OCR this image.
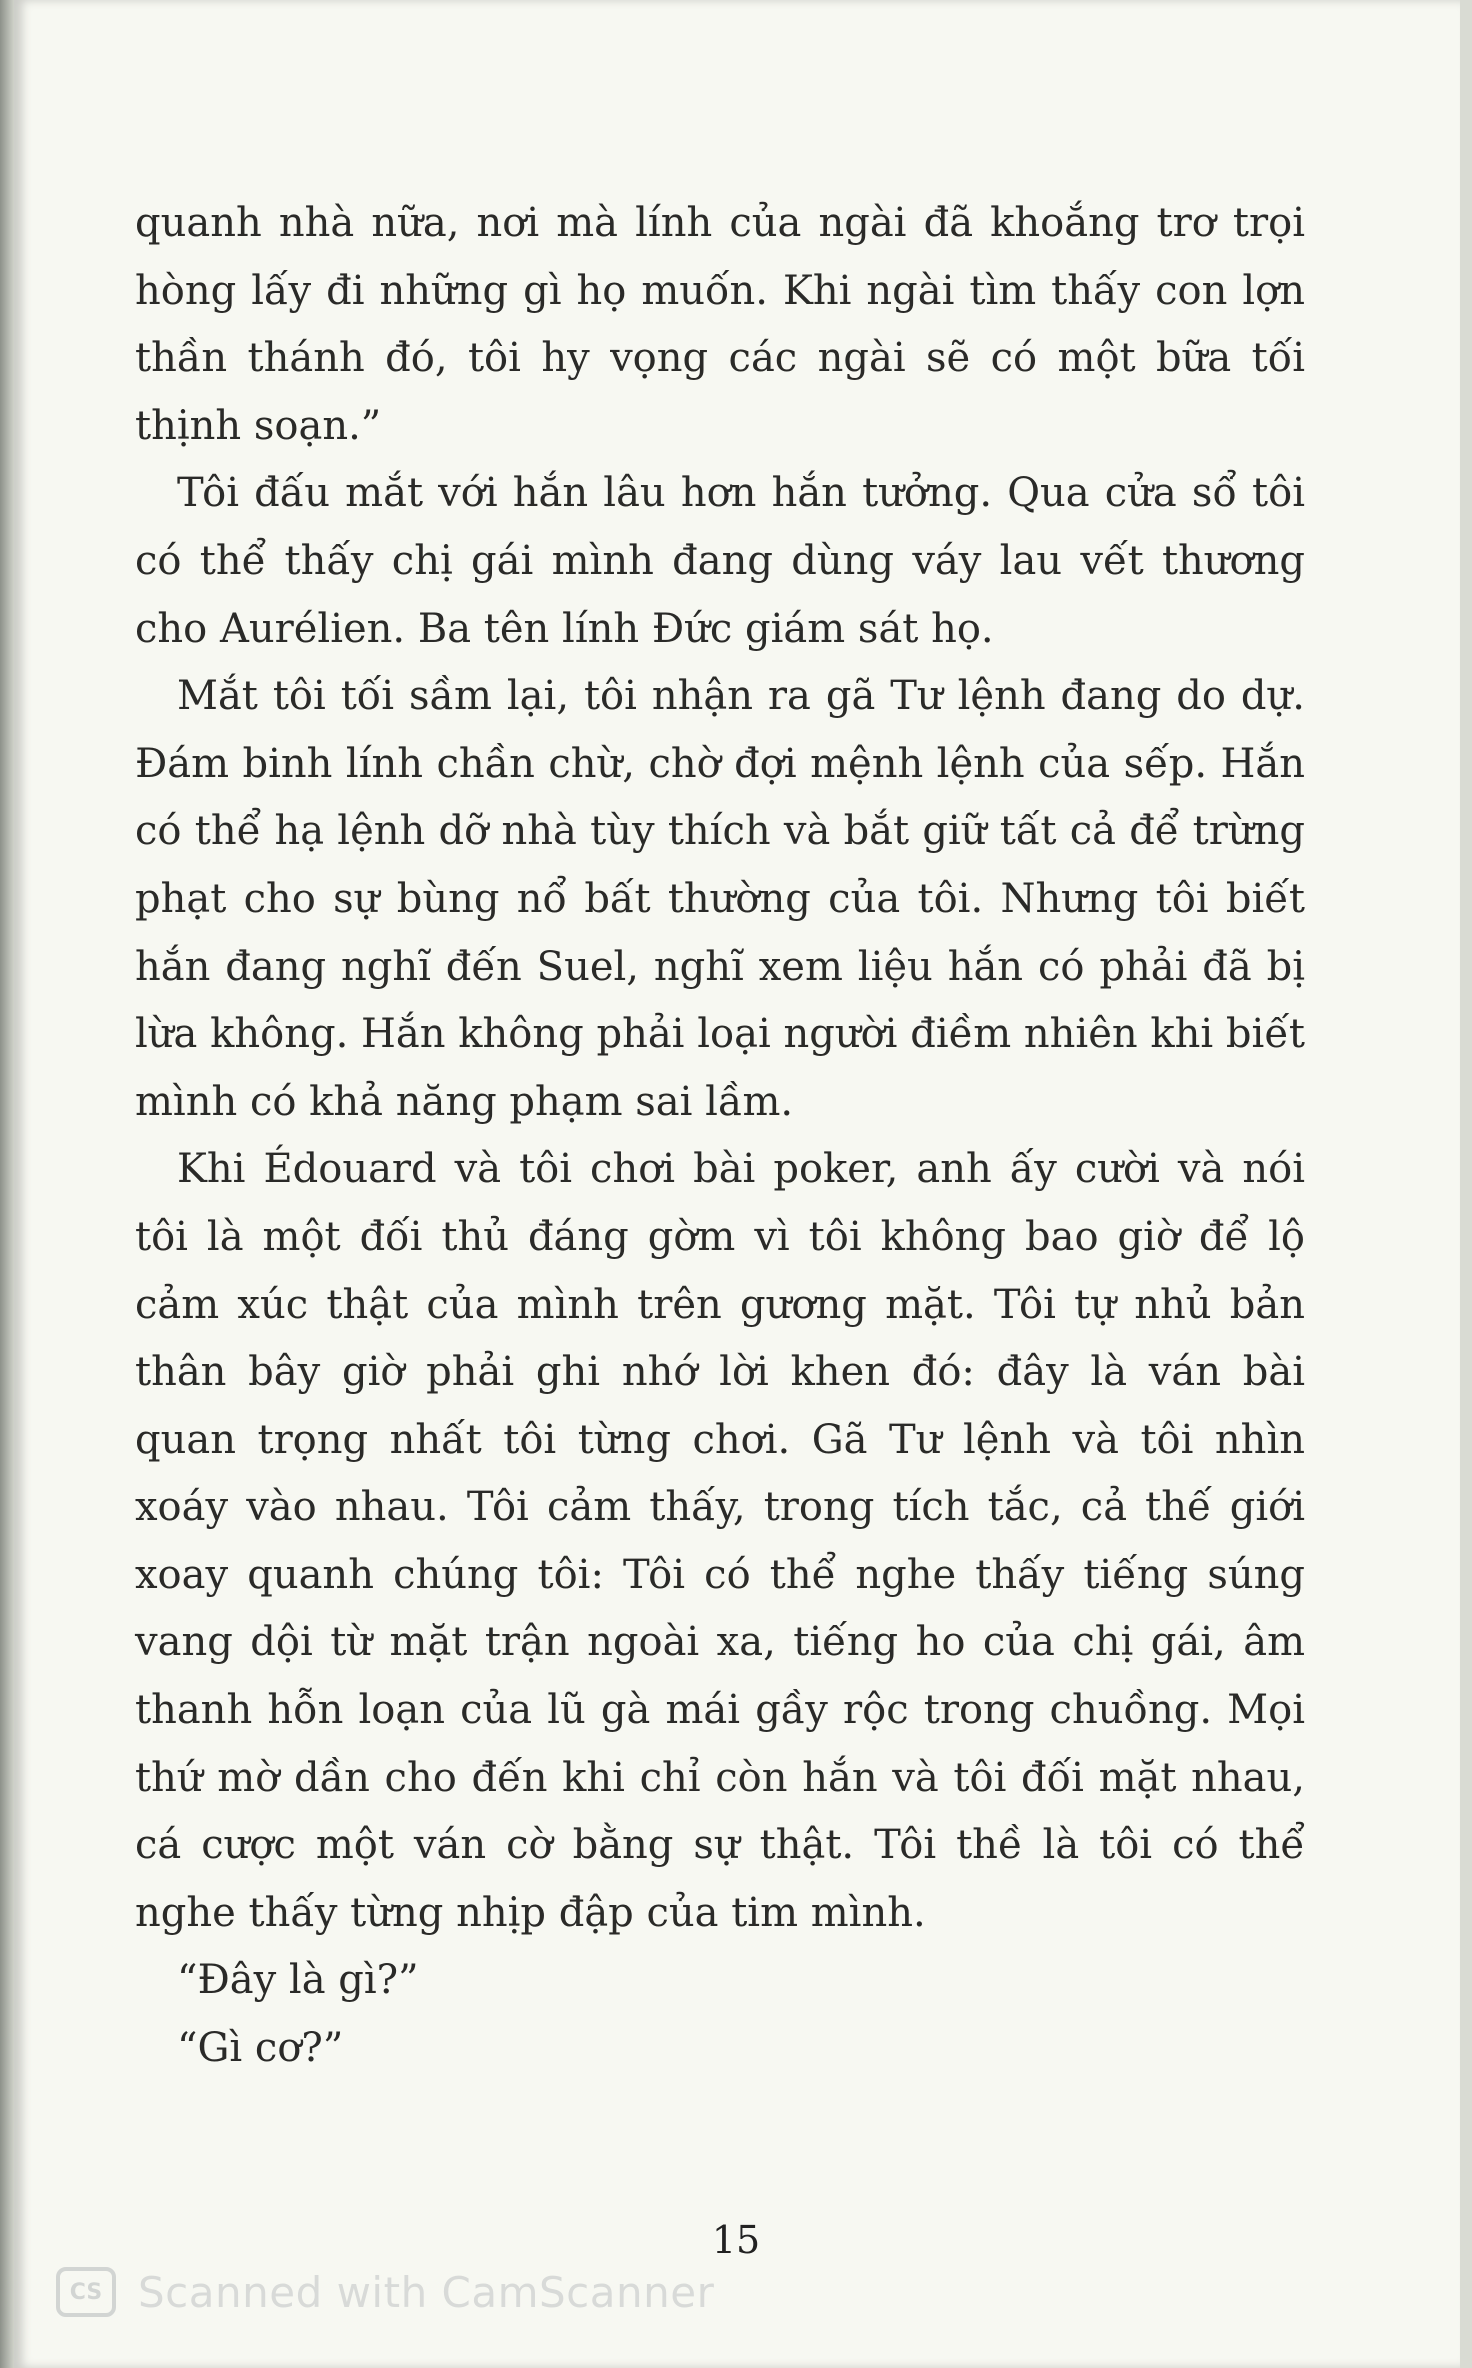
quanh nhà nữa, nơi mà lính của ngài đã khoắng trơ trọi hòng lấy đi những gì họ muốn. Khi ngài tìm thấy con lợn thần thánh đó, tôi hy vọng các ngài sẽ có một bữa tối thịnh soạn.”

Tôi đấu mắt với hắn lâu hơn hắn tưởng. Qua cửa sổ tôi có thể thấy chị gái mình đang dùng váy lau vết thương cho Aurélien. Ba tên lính Đức giám sát họ.

Mắt tôi tối sầm lại, tôi nhận ra gã Tư lệnh đang do dự. Đám binh lính chần chừ, chờ đợi mệnh lệnh của sếp. Hắn có thể hạ lệnh dỡ nhà tùy thích và bắt giữ tất cả để trừng phạt cho sự bùng nổ bất thường của tôi. Nhưng tôi biết hắn đang nghĩ đến Suel, nghĩ xem liệu hắn có phải đã bị lừa không. Hắn không phải loại người điềm nhiên khi biết mình có khả năng phạm sai lầm.

Khi Édouard và tôi chơi bài poker, anh ấy cười và nói tôi là một đối thủ đáng gờm vì tôi không bao giờ để lộ cảm xúc thật của mình trên gương mặt. Tôi tự nhủ bản thân bây giờ phải ghi nhớ lời khen đó: đây là ván bài quan trọng nhất tôi từng chơi. Gã Tư lệnh và tôi nhìn xoáy vào nhau. Tôi cảm thấy, trong tích tắc, cả thế giới xoay quanh chúng tôi: Tôi có thể nghe thấy tiếng súng vang dội từ mặt trận ngoài xa, tiếng ho của chị gái, âm thanh hỗn loạn của lũ gà mái gầy rộc trong chuồng. Mọi thứ mờ dần cho đến khi chỉ còn hắn và tôi đối mặt nhau, cá cược một ván cờ bằng sự thật. Tôi thề là tôi có thể nghe thấy từng nhịp đập của tim mình.

“Đây là gì?”

“Gì cơ?”

15
CS Scanned with CamScanner
